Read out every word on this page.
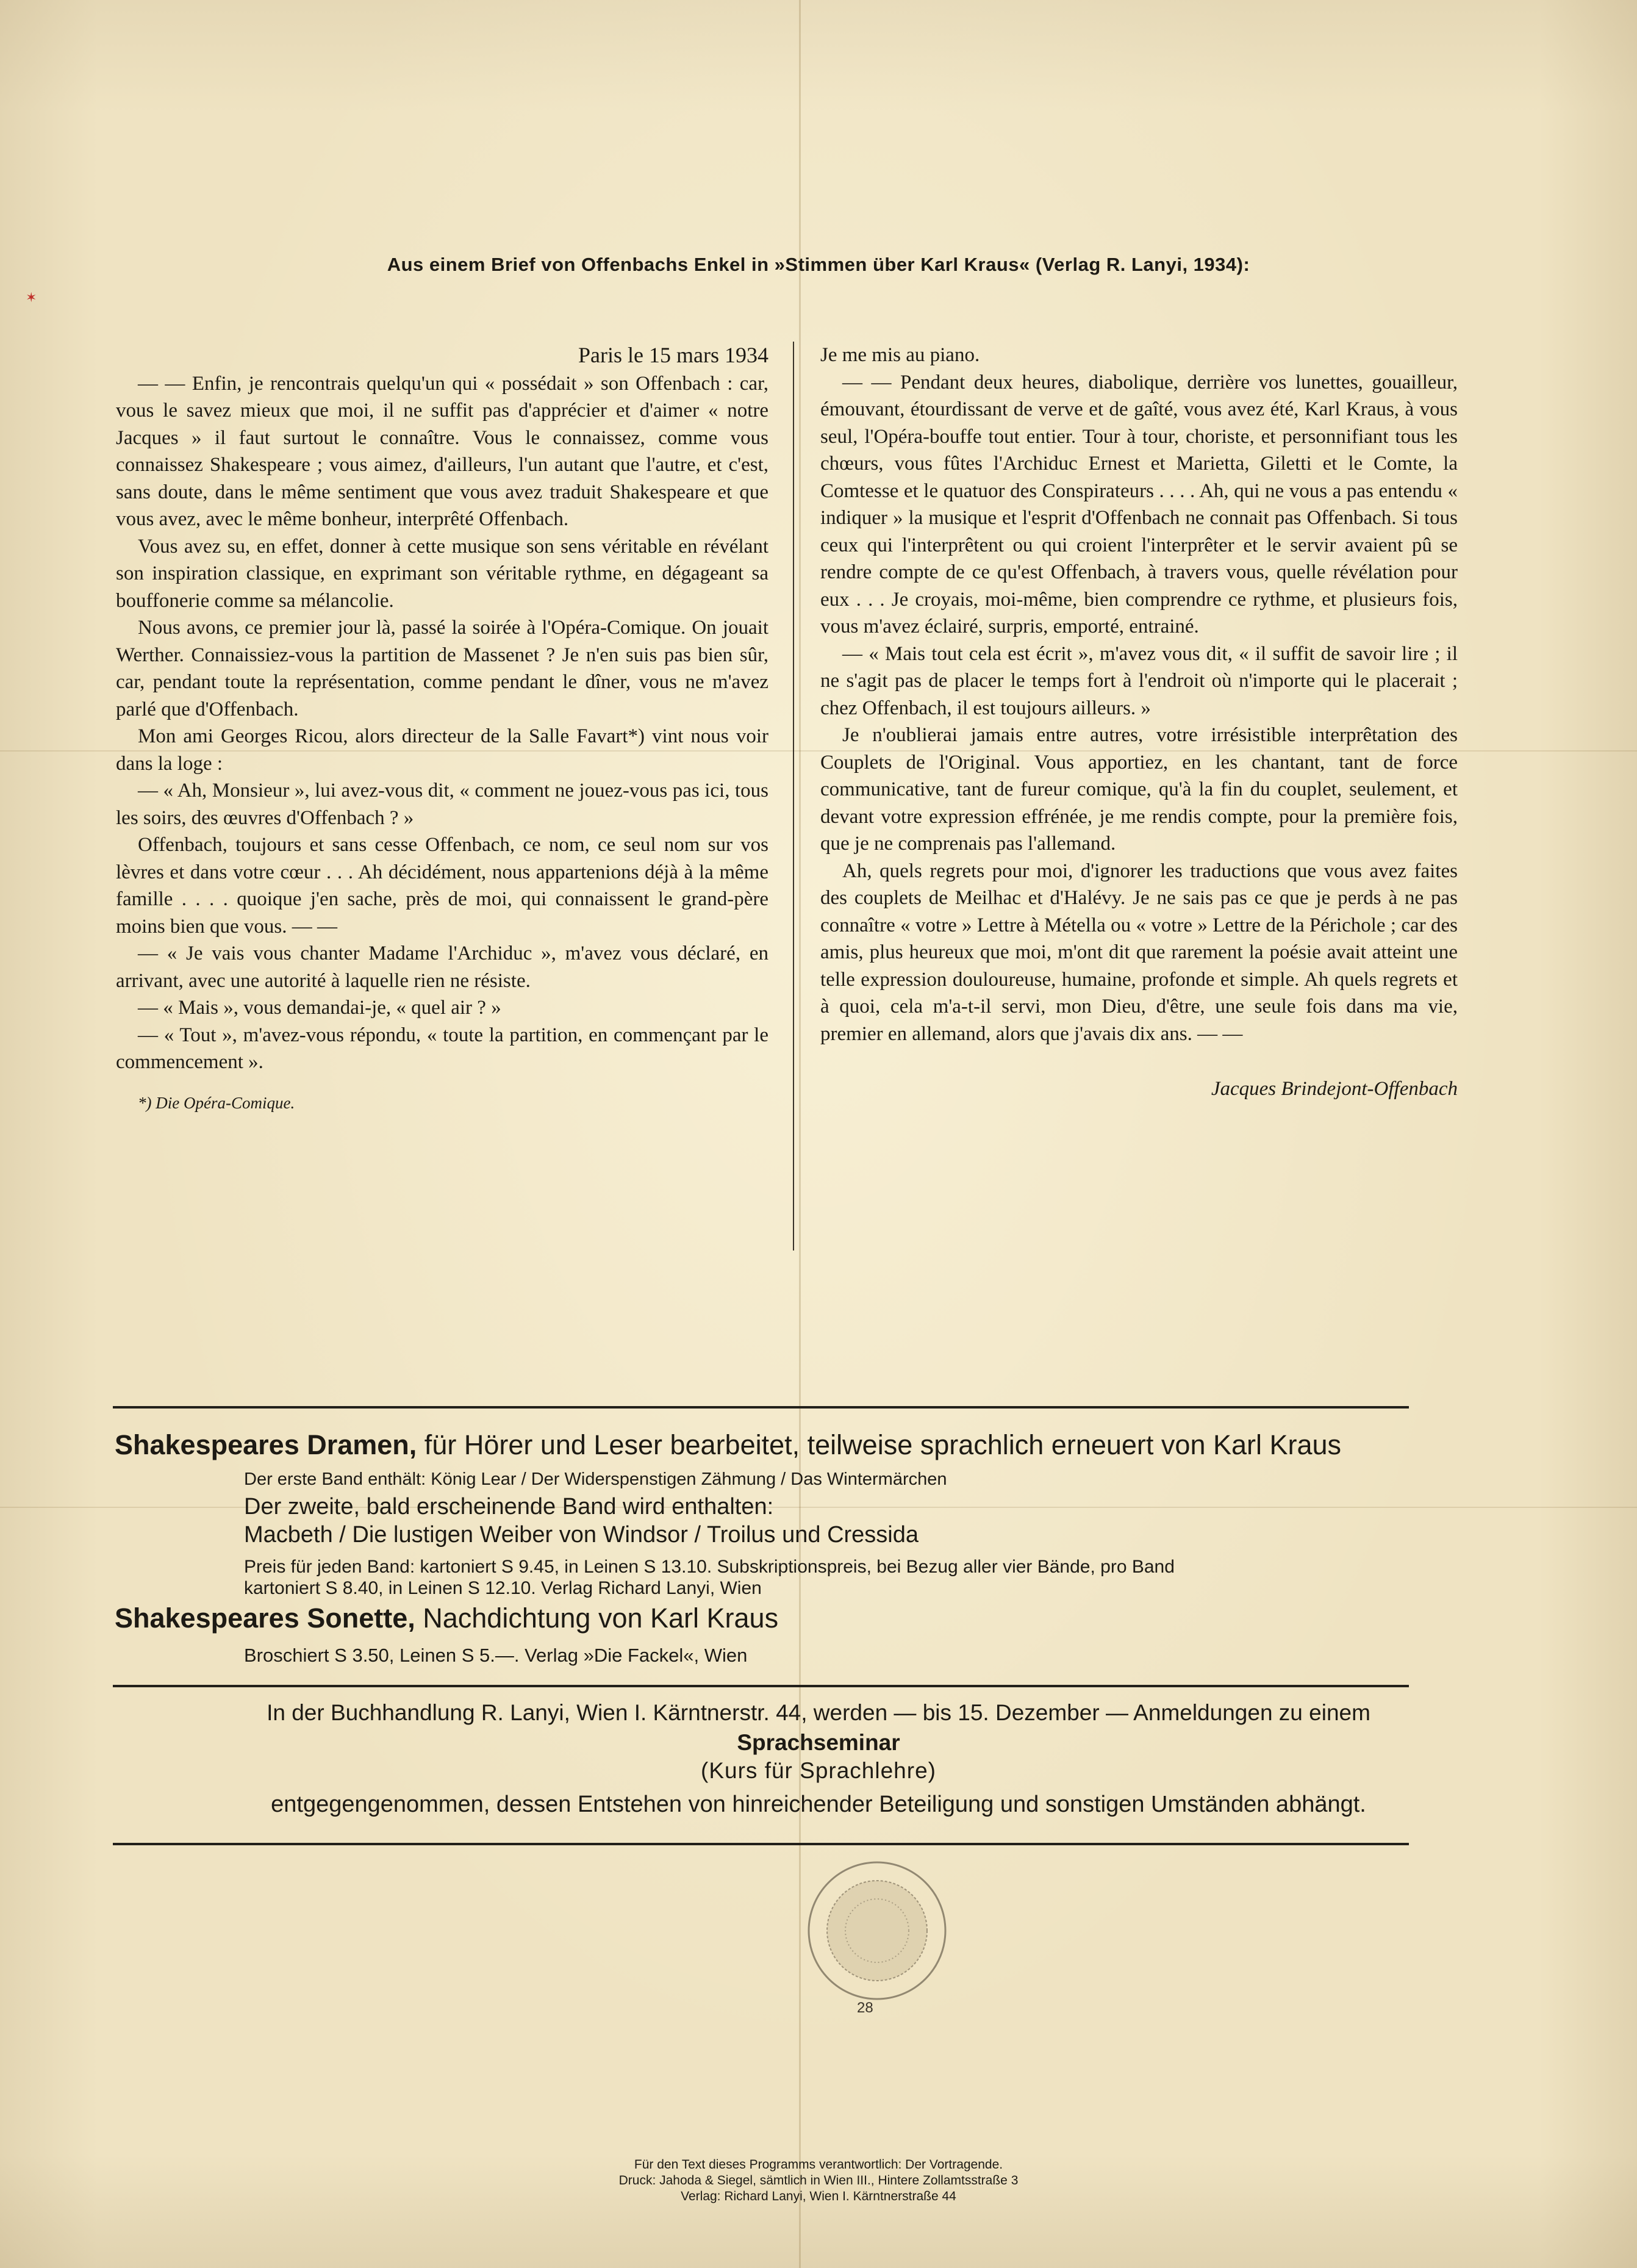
Aus einem Brief von Offenbachs Enkel in »Stimmen über Karl Kraus« (Verlag R. Lanyi, 1934):

Paris le 15 mars 1934

— — Enfin, je rencontrais quelqu'un qui « possédait » son Offenbach : car, vous le savez mieux que moi, il ne suffit pas d'apprécier et d'aimer « notre Jacques » il faut surtout le connaître. Vous le connaissez, comme vous connaissez Shakespeare ; vous aimez, d'ailleurs, l'un autant que l'autre, et c'est, sans doute, dans le même sentiment que vous avez traduit Shakespeare et que vous avez, avec le même bonheur, interprêté Offenbach.

Vous avez su, en effet, donner à cette musique son sens véritable en révélant son inspiration classique, en exprimant son véritable rythme, en dégageant sa bouffonerie comme sa mélancolie.

Nous avons, ce premier jour là, passé la soirée à l'Opéra-Comique. On jouait Werther. Connaissiez-vous la partition de Massenet ? Je n'en suis pas bien sûr, car, pendant toute la représentation, comme pendant le dîner, vous ne m'avez parlé que d'Offenbach.

Mon ami Georges Ricou, alors directeur de la Salle Favart*) vint nous voir dans la loge :

— « Ah, Monsieur », lui avez-vous dit, « comment ne jouez-vous pas ici, tous les soirs, des œuvres d'Offenbach ? »

Offenbach, toujours et sans cesse Offenbach, ce nom, ce seul nom sur vos lèvres et dans votre cœur . . . Ah décidément, nous appartenions déjà à la même famille . . . . quoique j'en sache, près de moi, qui connaissent le grand-père moins bien que vous. — —

— « Je vais vous chanter Madame l'Archiduc », m'avez vous déclaré, en arrivant, avec une autorité à laquelle rien ne résiste.

— « Mais », vous demandai-je, « quel air ? »

— « Tout », m'avez-vous répondu, « toute la partition, en commençant par le commencement ».

*) Die Opéra-Comique.

Je me mis au piano.

— — Pendant deux heures, diabolique, derrière vos lunettes, gouailleur, émouvant, étourdissant de verve et de gaîté, vous avez été, Karl Kraus, à vous seul, l'Opéra-bouffe tout entier. Tour à tour, choriste, et personnifiant tous les chœurs, vous fûtes l'Archiduc Ernest et Marietta, Giletti et le Comte, la Comtesse et le quatuor des Conspirateurs . . . . Ah, qui ne vous a pas entendu « indiquer » la musique et l'esprit d'Offenbach ne connait pas Offenbach. Si tous ceux qui l'interprêtent ou qui croient l'interprêter et le servir avaient pû se rendre compte de ce qu'est Offenbach, à travers vous, quelle révélation pour eux . . . Je croyais, moi-même, bien comprendre ce rythme, et plusieurs fois, vous m'avez éclairé, surpris, emporté, entrainé.

— « Mais tout cela est écrit », m'avez vous dit, « il suffit de savoir lire ; il ne s'agit pas de placer le temps fort à l'endroit où n'importe qui le placerait ; chez Offenbach, il est toujours ailleurs. »

Je n'oublierai jamais entre autres, votre irrésistible interprêtation des Couplets de l'Original. Vous apportiez, en les chantant, tant de force communicative, tant de fureur comique, qu'à la fin du couplet, seulement, et devant votre expression effrénée, je me rendis compte, pour la première fois, que je ne comprenais pas l'allemand.

Ah, quels regrets pour moi, d'ignorer les traductions que vous avez faites des couplets de Meilhac et d'Halévy. Je ne sais pas ce que je perds à ne pas connaître « votre » Lettre à Métella ou « votre » Lettre de la Périchole ; car des amis, plus heureux que moi, m'ont dit que rarement la poésie avait atteint une telle expression douloureuse, humaine, profonde et simple. Ah quels regrets et à quoi, cela m'a-t-il servi, mon Dieu, d'être, une seule fois dans ma vie, premier en allemand, alors que j'avais dix ans. — —

Jacques Brindejont-Offenbach

Shakespeares Dramen, für Hörer und Leser bearbeitet, teilweise sprachlich erneuert von Karl Kraus
Der erste Band enthält: König Lear / Der Widerspenstigen Zähmung / Das Wintermärchen
Der zweite, bald erscheinende Band wird enthalten:
Macbeth / Die lustigen Weiber von Windsor / Troilus und Cressida
Preis für jeden Band: kartoniert S 9.45, in Leinen S 13.10. Subskriptionspreis, bei Bezug aller vier Bände, pro Band
kartoniert S 8.40, in Leinen S 12.10. Verlag Richard Lanyi, Wien
Shakespeares Sonette, Nachdichtung von Karl Kraus
Broschiert S 3.50, Leinen S 5.—. Verlag »Die Fackel«, Wien
In der Buchhandlung R. Lanyi, Wien I. Kärntnerstr. 44, werden — bis 15. Dezember — Anmeldungen zu einem
Sprachseminar
(Kurs für Sprachlehre)
entgegengenommen, dessen Entstehen von hinreichender Beteiligung und sonstigen Umständen abhängt.
28
Für den Text dieses Programms verantwortlich: Der Vortragende.
Druck: Jahoda & Siegel, sämtlich in Wien III., Hintere Zollamtsstraße 3
Verlag: Richard Lanyi, Wien I. Kärntnerstraße 44
